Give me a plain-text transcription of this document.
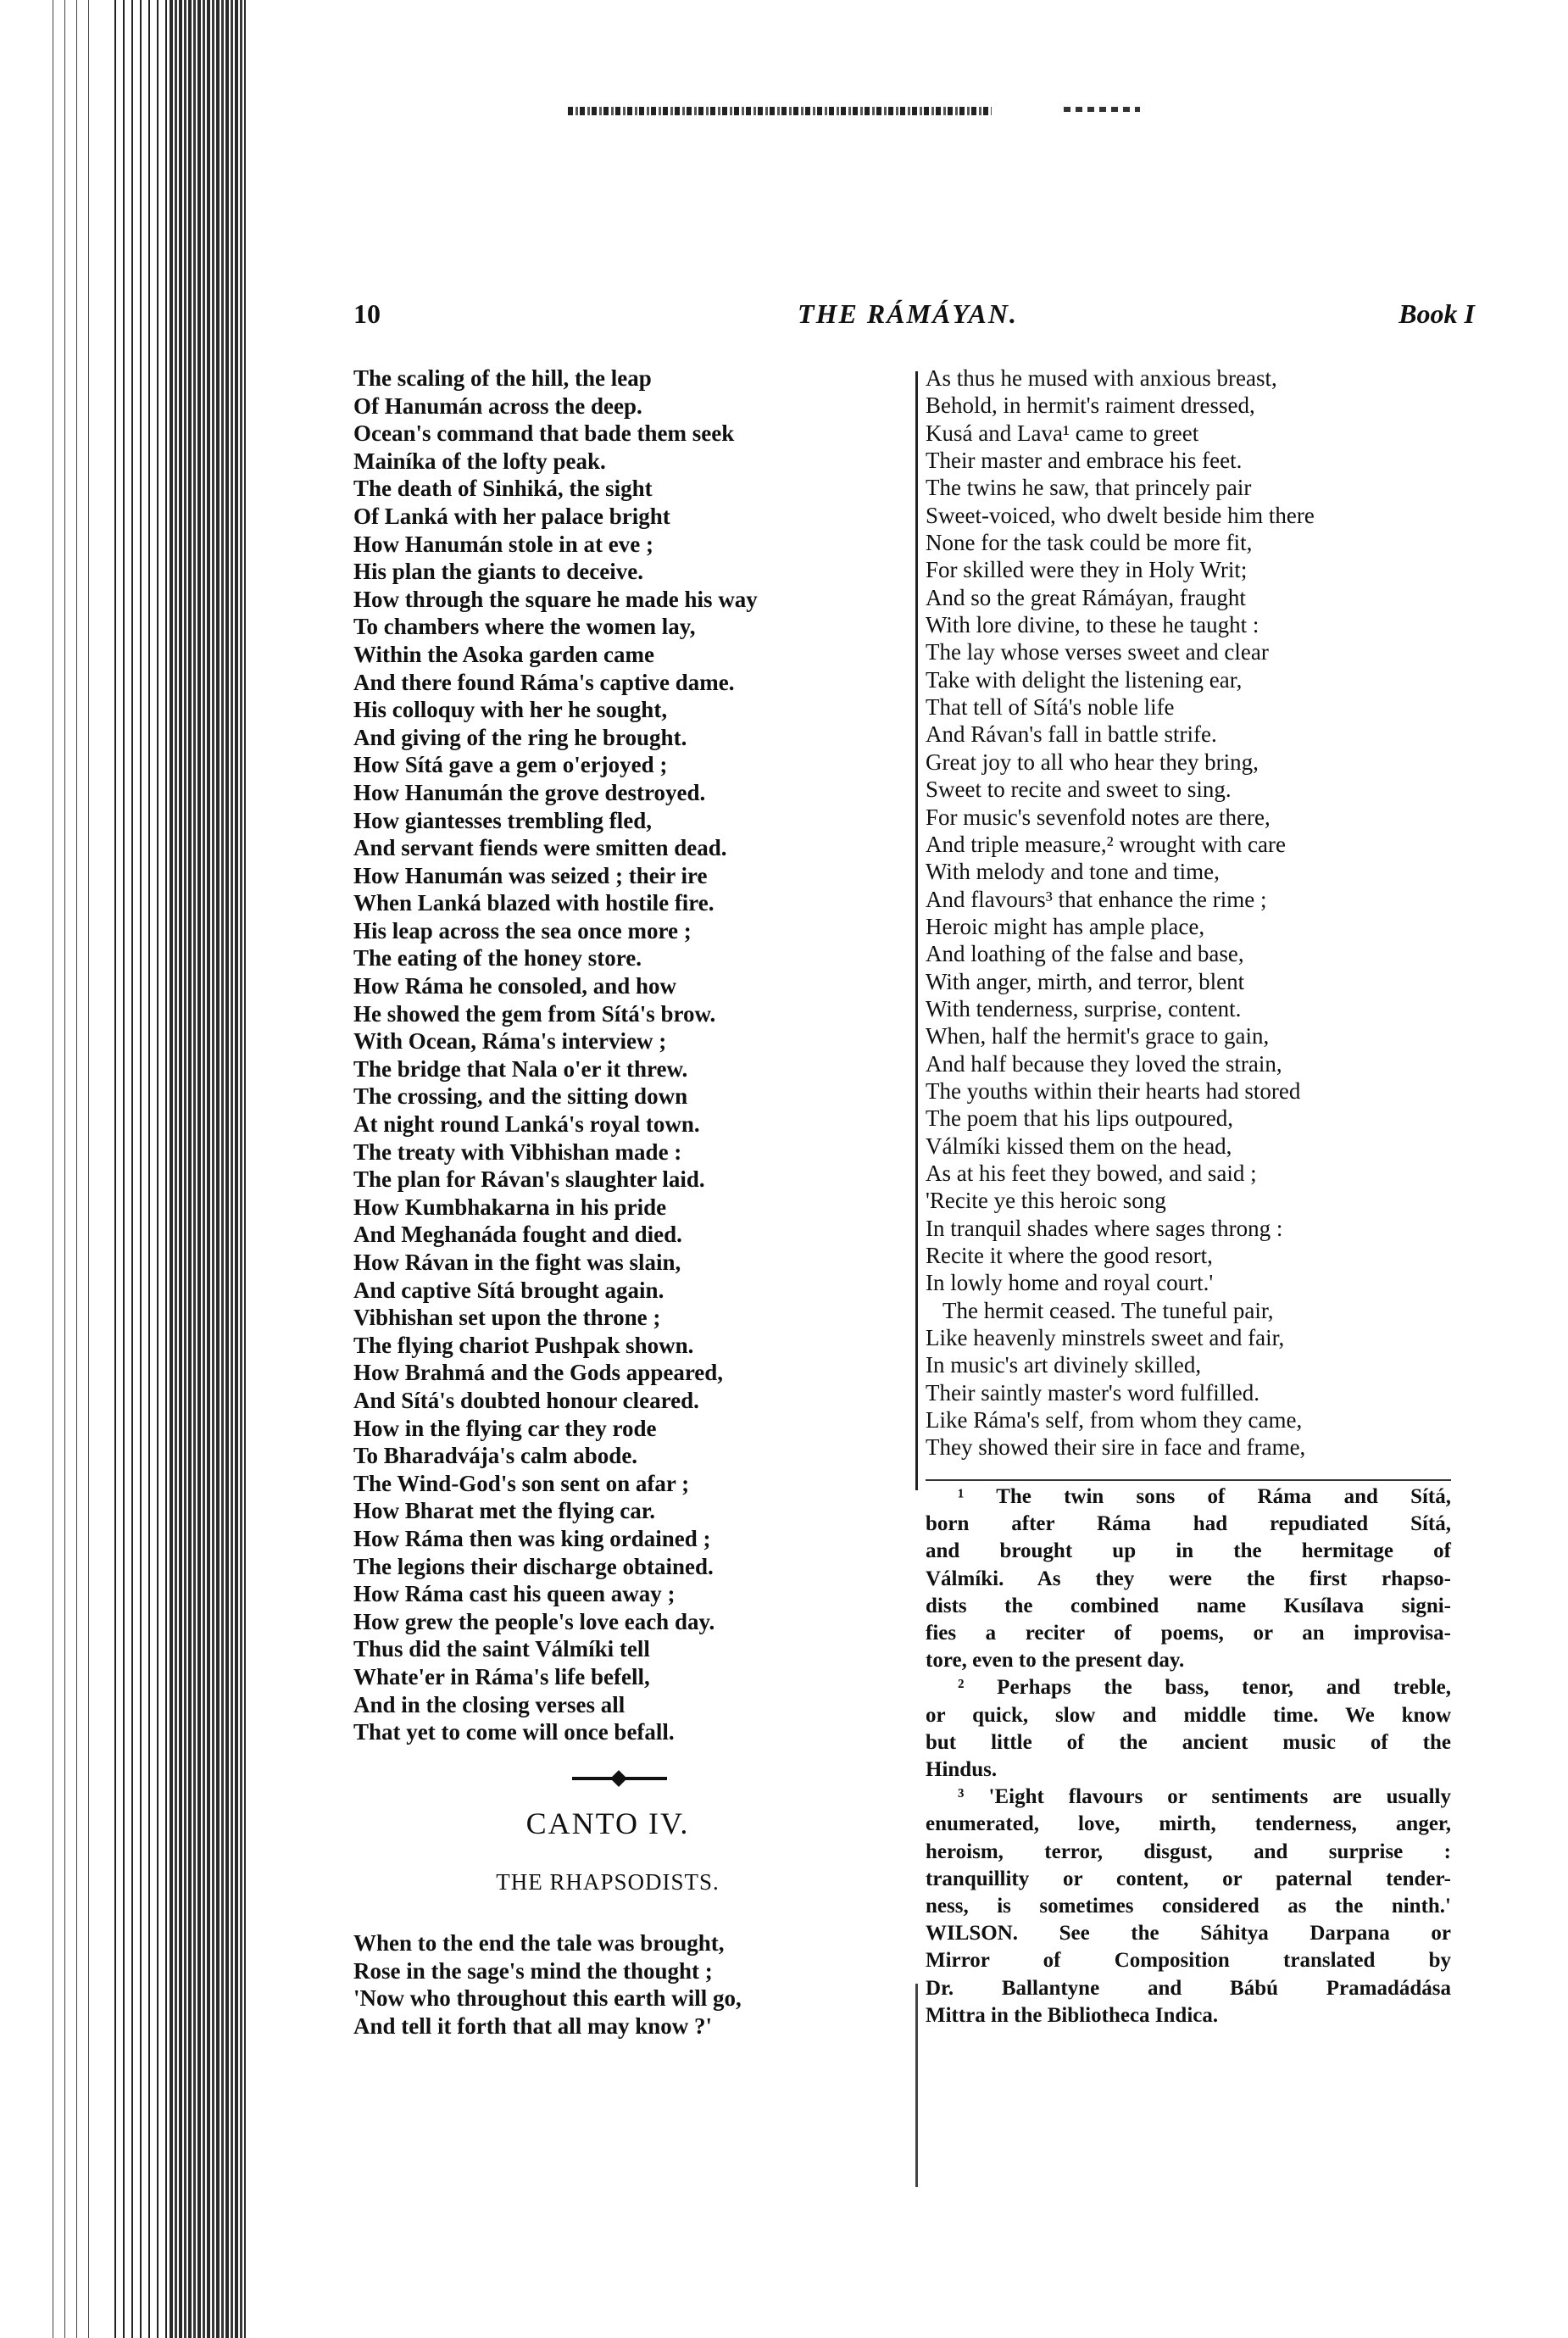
10	THE RÁMÁYAN.	Book I
The scaling of the hill, the leap
Of Hanumán across the deep.
Ocean's command that bade them seek
Mainíka of the lofty peak.
The death of Sinhiká, the sight
Of Lanká with her palace bright
How Hanumán stole in at eve ;
His plan the giants to deceive.
How through the square he made his way
To chambers where the women lay,
Within the Asoka garden came
And there found Ráma's captive dame.
His colloquy with her he sought,
And giving of the ring he brought.
How Sítá gave a gem o'erjoyed ;
How Hanumán the grove destroyed.
How giantesses trembling fled,
And servant fiends were smitten dead.
How Hanumán was seized ; their ire
When Lanká blazed with hostile fire.
His leap across the sea once more ;
The eating of the honey store.
How Ráma he consoled, and how
He showed the gem from Sítá's brow.
With Ocean, Ráma's interview ;
The bridge that Nala o'er it threw.
The crossing, and the sitting down
At night round Lanká's royal town.
The treaty with Vibhishan made :
The plan for Rávan's slaughter laid.
How Kumbhakarna in his pride
And Meghanáda fought and died.
How Rávan in the fight was slain,
And captive Sítá brought again.
Vibhishan set upon the throne ;
The flying chariot Pushpak shown.
How Brahmá and the Gods appeared,
And Sítá's doubted honour cleared.
How in the flying car they rode
To Bharadvája's calm abode.
The Wind-God's son sent on afar ;
How Bharat met the flying car.
How Ráma then was king ordained ;
The legions their discharge obtained.
How Ráma cast his queen away ;
How grew the people's love each day.
Thus did the saint Válmíki tell
Whate'er in Ráma's life befell,
And in the closing verses all
That yet to come will once befall.
As thus he mused with anxious breast,
Behold, in hermit's raiment dressed,
Kusá and Lava¹ came to greet
Their master and embrace his feet.
The twins he saw, that princely pair
Sweet-voiced, who dwelt beside him there
None for the task could be more fit,
For skilled were they in Holy Writ;
And so the great Rámáyan, fraught
With lore divine, to these he taught :
The lay whose verses sweet and clear
Take with delight the listening ear,
That tell of Sítá's noble life
And Rávan's fall in battle strife.
Great joy to all who hear they bring,
Sweet to recite and sweet to sing.
For music's sevenfold notes are there,
And triple measure,² wrought with care
With melody and tone and time,
And flavours³ that enhance the rime ;
Heroic might has ample place,
And loathing of the false and base,
With anger, mirth, and terror, blent
With tenderness, surprise, content.
When, half the hermit's grace to gain,
And half because they loved the strain,
The youths within their hearts had stored
The poem that his lips outpoured,
Válmíki kissed them on the head,
As at his feet they bowed, and said ;
'Recite ye this heroic song
In tranquil shades where sages throng :
Recite it where the good resort,
In lowly home and royal court.'
The hermit ceased. The tuneful pair,
Like heavenly minstrels sweet and fair,
In music's art divinely skilled,
Their saintly master's word fulfilled.
Like Ráma's self, from whom they came,
They showed their sire in face and frame,
¹ The twin sons of Ráma and Sítá,
born after Ráma had repudiated Sítá,
and brought up in the hermitage of
Válmíki. As they were the first rhapso-
dists the combined name Kusílava signi-
fies a reciter of poems, or an improvisa-
tore, even to the present day.
² Perhaps the bass, tenor, and treble,
or quick, slow and middle time. We know
but little of the ancient music of the
Hindus.
³ 'Eight flavours or sentiments are usually
enumerated, love, mirth, tenderness, anger,
heroism, terror, disgust, and surprise :
tranquillity or content, or paternal tender-
ness, is sometimes considered as the ninth.'
WILSON. See the Sáhitya Darpana or
Mirror of Composition translated by
Dr. Ballantyne and Bábú Pramadádása
Mittra in the Bibliotheca Indica.
CANTO IV.
THE RHAPSODISTS.
When to the end the tale was brought,
Rose in the sage's mind the thought ;
'Now who throughout this earth will go,
And tell it forth that all may know ?'
